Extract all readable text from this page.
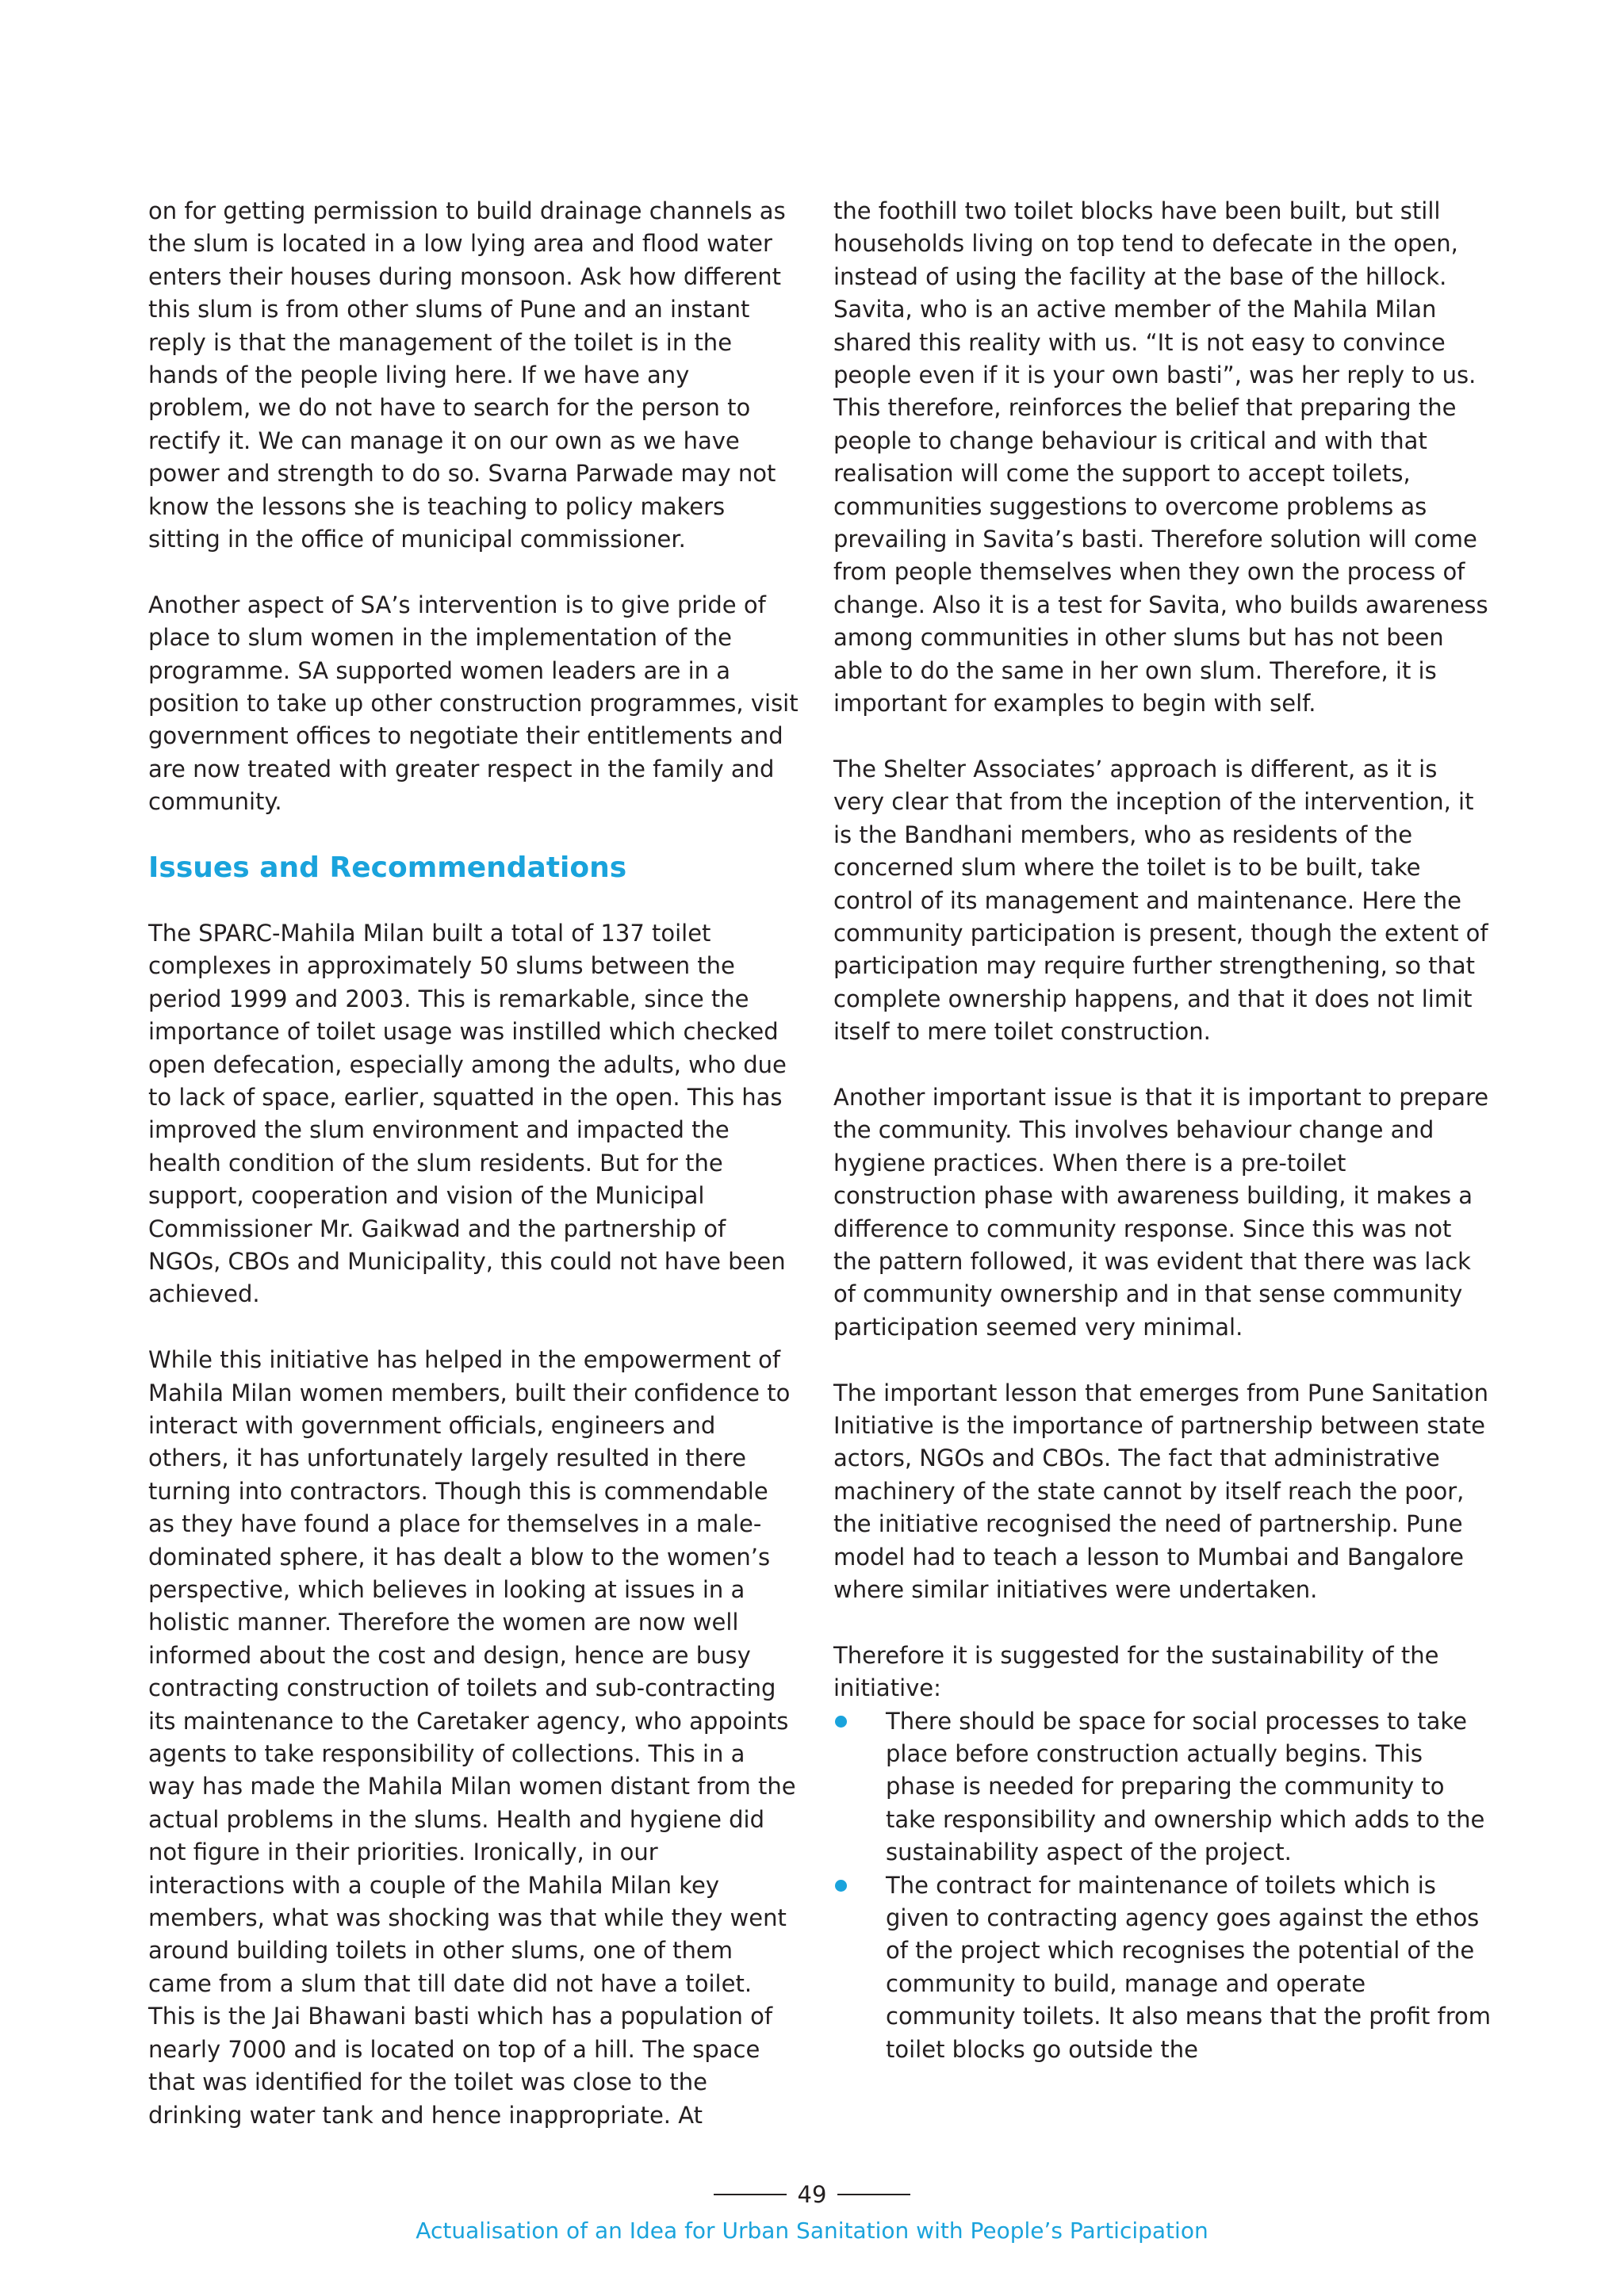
on for getting permission to build drainage channels as the slum is located in a low lying area and flood water enters their houses during monsoon. Ask how different this slum is from other slums of Pune and an instant reply is that the management of the toilet is in the hands of the people living here. If we have any problem, we do not have to search for the person to rectify it. We can manage it on our own as we have power and strength to do so. Svarna Parwade may not know the lessons she is teaching to policy makers sitting in the office of municipal commissioner.

Another aspect of SA’s intervention is to give pride of place to slum women in the implementation of the programme. SA supported women leaders are in a position to take up other construction programmes, visit government offices to negotiate their entitlements and are now treated with greater respect in the family and community.

Issues and Recommendations

The SPARC-Mahila Milan built a total of 137 toilet complexes in approximately 50 slums between the period 1999 and 2003. This is remarkable, since the importance of toilet usage was instilled which checked open defecation, especially among the adults, who due to lack of space, earlier, squatted in the open. This has improved the slum environment and impacted the health condition of the slum residents. But for the support, cooperation and vision of the Municipal Commissioner Mr. Gaikwad and the partnership of NGOs, CBOs and Municipality, this could not have been achieved.

While this initiative has helped in the empowerment of Mahila Milan women members, built their confidence to interact with government officials, engineers and others, it has unfortunately largely resulted in there turning into contractors. Though this is commendable as they have found a place for themselves in a male-dominated sphere, it has dealt a blow to the women’s perspective, which believes in looking at issues in a holistic manner. Therefore the women are now well informed about the cost and design, hence are busy contracting construction of toilets and sub-contracting its maintenance to the Caretaker agency, who appoints agents to take responsibility of collections. This in a way has made the Mahila Milan women distant from the actual problems in the slums. Health and hygiene did not figure in their priorities. Ironically, in our interactions with a couple of the Mahila Milan key members, what was shocking was that while they went around building toilets in other slums, one of them came from a slum that till date did not have a toilet. This is the Jai Bhawani basti which has a population of nearly 7000 and is located on top of a hill. The space that was identified for the toilet was close to the drinking water tank and hence inappropriate. At

the foothill two toilet blocks have been built, but still households living on top tend to defecate in the open, instead of using the facility at the base of the hillock. Savita, who is an active member of the Mahila Milan shared this reality with us. “It is not easy to convince people even if it is your own basti”, was her reply to us. This therefore, reinforces the belief that preparing the people to change behaviour is critical and with that realisation will come the support to accept toilets, communities suggestions to overcome problems as prevailing in Savita’s basti. Therefore solution will come from people themselves when they own the process of change. Also it is a test for Savita, who builds awareness among communities in other slums but has not been able to do the same in her own slum. Therefore, it is important for examples to begin with self.

The Shelter Associates’ approach is different, as it is very clear that from the inception of the intervention, it is the Bandhani members, who as residents of the concerned slum where the toilet is to be built, take control of its management and maintenance. Here the community participation is present, though the extent of participation may require further strengthening, so that complete ownership happens, and that it does not limit itself to mere toilet construction.

Another important issue is that it is important to prepare the community. This involves behaviour change and hygiene practices. When there is a pre-toilet construction phase with awareness building, it makes a difference to community response. Since this was not the pattern followed, it was evident that there was lack of community ownership and in that sense community participation seemed very minimal.

The important lesson that emerges from Pune Sanitation Initiative is the importance of partnership between state actors, NGOs and CBOs. The fact that administrative machinery of the state cannot by itself reach the poor, the initiative recognised the need of partnership. Pune model had to teach a lesson to Mumbai and Bangalore where similar initiatives were undertaken.

Therefore it is suggested for the sustainability of the initiative:

There should be space for social processes to take place before construction actually begins. This phase is needed for preparing the community to take responsibility and ownership which adds to the sustainability aspect of the project.
The contract for maintenance of toilets which is given to contracting agency goes against the ethos of the project which recognises the potential of the community to build, manage and operate community toilets. It also means that the profit from toilet blocks go outside the
49
Actualisation of an Idea for Urban Sanitation with People’s Participation
